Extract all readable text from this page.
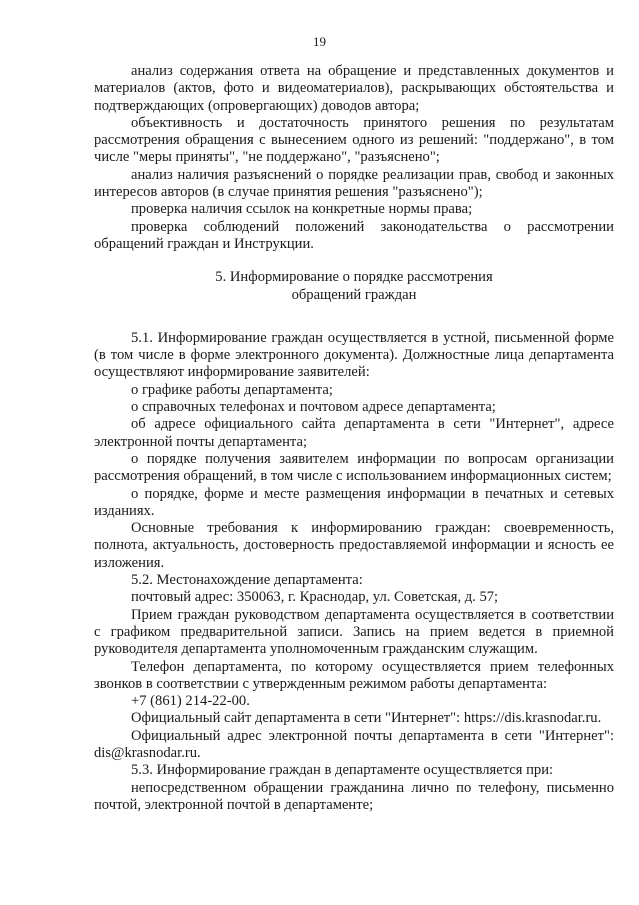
19

анализ содержания ответа на обращение и представленных документов и материалов (актов, фото и видеоматериалов), раскрывающих обстоятельства и подтверждающих (опровергающих) доводов автора;

объективность и достаточность принятого решения по результатам рассмотрения обращения с вынесением одного из решений: "поддержано", в том числе "меры приняты", "не поддержано", "разъяснено";

анализ наличия разъяснений о порядке реализации прав, свобод и законных интересов авторов (в случае принятия решения "разъяснено");

проверка наличия ссылок на конкретные нормы права;

проверка соблюдений положений законодательства о рассмотрении обращений граждан и Инструкции.

5. Информирование о порядке рассмотрения
обращений граждан

5.1. Информирование граждан осуществляется в устной, письменной форме (в том числе в форме электронного документа). Должностные лица департамента осуществляют информирование заявителей:

о графике работы департамента;

о справочных телефонах и почтовом адресе департамента;

об адресе официального сайта департамента в сети "Интернет", адресе электронной почты департамента;

о порядке получения заявителем информации по вопросам организации рассмотрения обращений, в том числе с использованием информационных систем;

о порядке, форме и месте размещения информации в печатных и сетевых изданиях.

Основные требования к информированию граждан: своевременность, полнота, актуальность, достоверность предоставляемой информации и ясность ее изложения.

5.2. Местонахождение департамента:

почтовый адрес: 350063, г. Краснодар, ул. Советская, д. 57;

Прием граждан руководством департамента осуществляется в соответствии с графиком предварительной записи. Запись на прием ведется в приемной руководителя департамента уполномоченным гражданским служащим.

Телефон департамента, по которому осуществляется прием телефонных звонков в соответствии с утвержденным режимом работы департамента:

+7 (861) 214-22-00.

Официальный сайт департамента в сети "Интернет": https://dis.krasnodar.ru.

Официальный адрес электронной почты департамента в сети "Интернет": dis@krasnodar.ru.

5.3. Информирование граждан в департаменте осуществляется при:

непосредственном обращении гражданина лично по телефону, письменно почтой, электронной почтой в департаменте;
